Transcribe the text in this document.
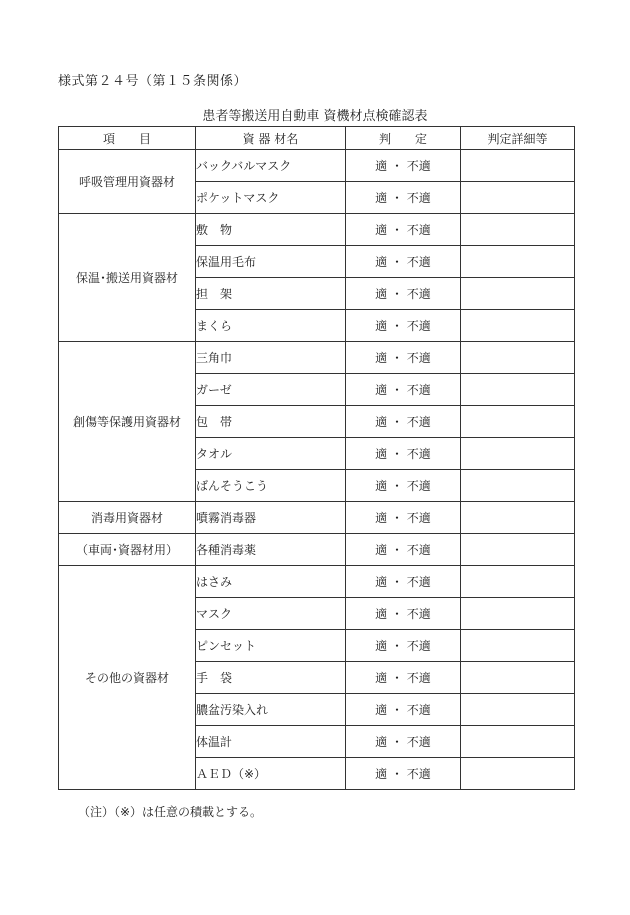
様式第２４号（第１５条関係）
患者等搬送用自動車 資機材点検確認表
項　　目	資 器 材名	判　　定	判定詳細等
呼吸管理用資器材	バックバルマスク	適 ・ 不適	
	ポケットマスク	適 ・ 不適	
保温･搬送用資器材	敷　物	適 ・ 不適	
	保温用毛布	適 ・ 不適	
	担　架	適 ・ 不適	
	まくら	適 ・ 不適	
創傷等保護用資器材	三角巾	適 ・ 不適	
	ガーゼ	適 ・ 不適	
	包　帯	適 ・ 不適	
	タオル	適 ・ 不適	
	ばんそうこう	適 ・ 不適	
消毒用資器材	噴霧消毒器	適 ・ 不適	
（車両･資器材用）	各種消毒薬	適 ・ 不適	
その他の資器材	はさみ	適 ・ 不適	
	マスク	適 ・ 不適	
	ピンセット	適 ・ 不適	
	手　袋	適 ・ 不適	
	膿盆汚染入れ	適 ・ 不適	
	体温計	適 ・ 不適	
	ＡＥＤ（※）	適 ・ 不適	
（注）（※）は任意の積載とする。
